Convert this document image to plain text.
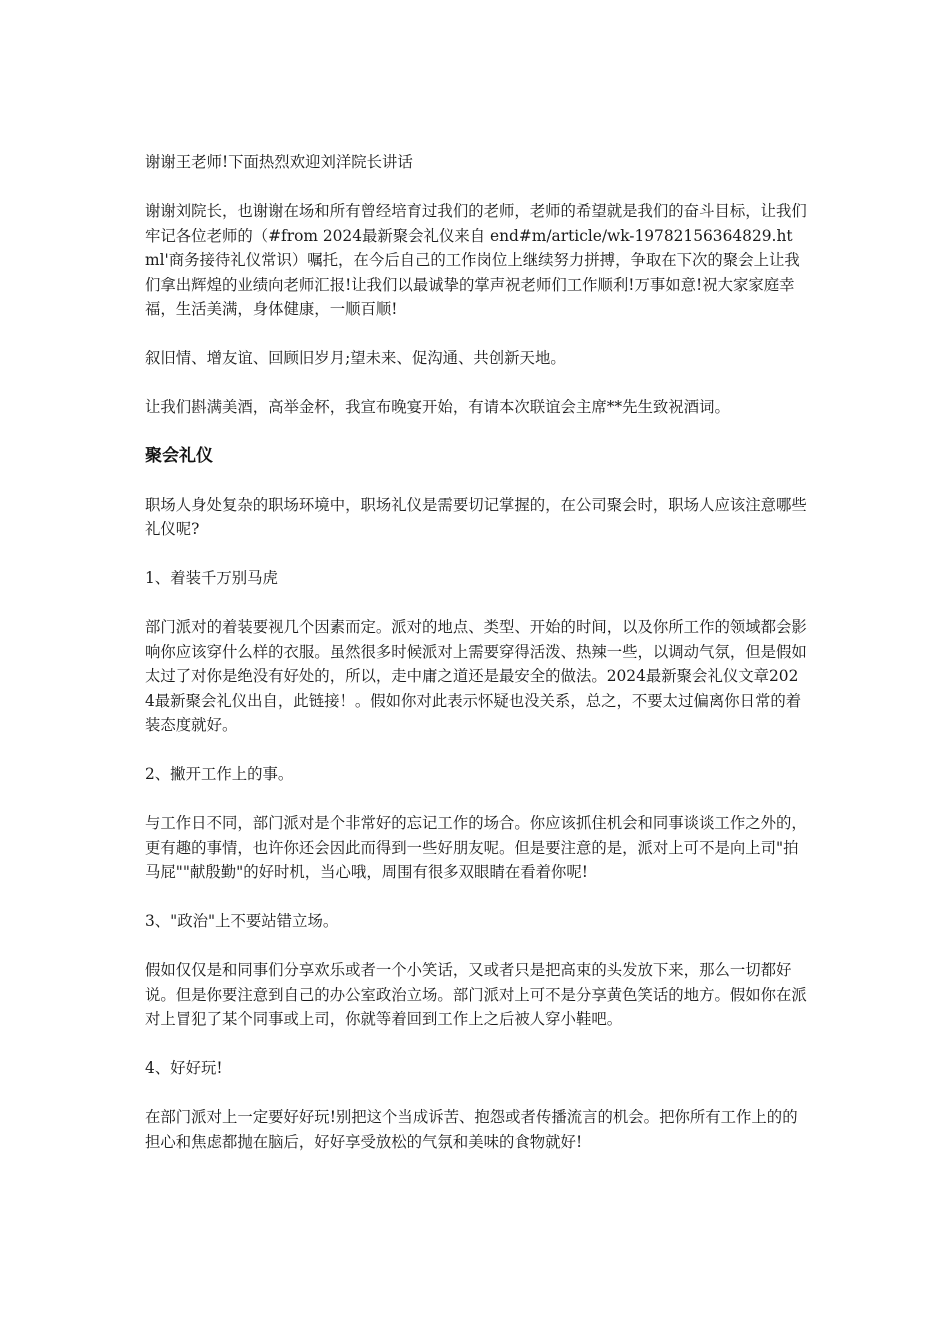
谢谢王老师!下面热烈欢迎刘洋院长讲话

谢谢刘院长，也谢谢在场和所有曾经培育过我们的老师，老师的希望就是我们的奋斗目标，让我们牢记各位老师的（#from 2024最新聚会礼仪来自 end#m/article/wk-19782156364829.html'商务接待礼仪常识）嘱托，在今后自己的工作岗位上继续努力拼搏，争取在下次的聚会上让我们拿出辉煌的业绩向老师汇报!让我们以最诚挚的掌声祝老师们工作顺利!万事如意!祝大家家庭幸福，生活美满，身体健康，一顺百顺!

叙旧情、增友谊、回顾旧岁月;望未来、促沟通、共创新天地。

让我们斟满美酒，高举金杯，我宣布晚宴开始，有请本次联谊会主席**先生致祝酒词。

聚会礼仪

职场人身处复杂的职场环境中，职场礼仪是需要切记掌握的，在公司聚会时，职场人应该注意哪些礼仪呢?

1、着装千万别马虎

部门派对的着装要视几个因素而定。派对的地点、类型、开始的时间，以及你所工作的领域都会影响你应该穿什么样的衣服。虽然很多时候派对上需要穿得活泼、热辣一些，以调动气氛，但是假如太过了对你是绝没有好处的，所以，走中庸之道还是最安全的做法。2024最新聚会礼仪文章2024最新聚会礼仪出自，此链接！。假如你对此表示怀疑也没关系，总之，不要太过偏离你日常的着装态度就好。

2、撇开工作上的事。

与工作日不同，部门派对是个非常好的忘记工作的场合。你应该抓住机会和同事谈谈工作之外的，更有趣的事情，也许你还会因此而得到一些好朋友呢。但是要注意的是，派对上可不是向上司"拍马屁""献殷勤"的好时机，当心哦，周围有很多双眼睛在看着你呢!

3、"政治"上不要站错立场。

假如仅仅是和同事们分享欢乐或者一个小笑话，又或者只是把高束的头发放下来，那么一切都好说。但是你要注意到自己的办公室政治立场。部门派对上可不是分享黄色笑话的地方。假如你在派对上冒犯了某个同事或上司，你就等着回到工作上之后被人穿小鞋吧。

4、好好玩!

在部门派对上一定要好好玩!别把这个当成诉苦、抱怨或者传播流言的机会。把你所有工作上的的担心和焦虑都抛在脑后，好好享受放松的气氛和美味的食物就好!
